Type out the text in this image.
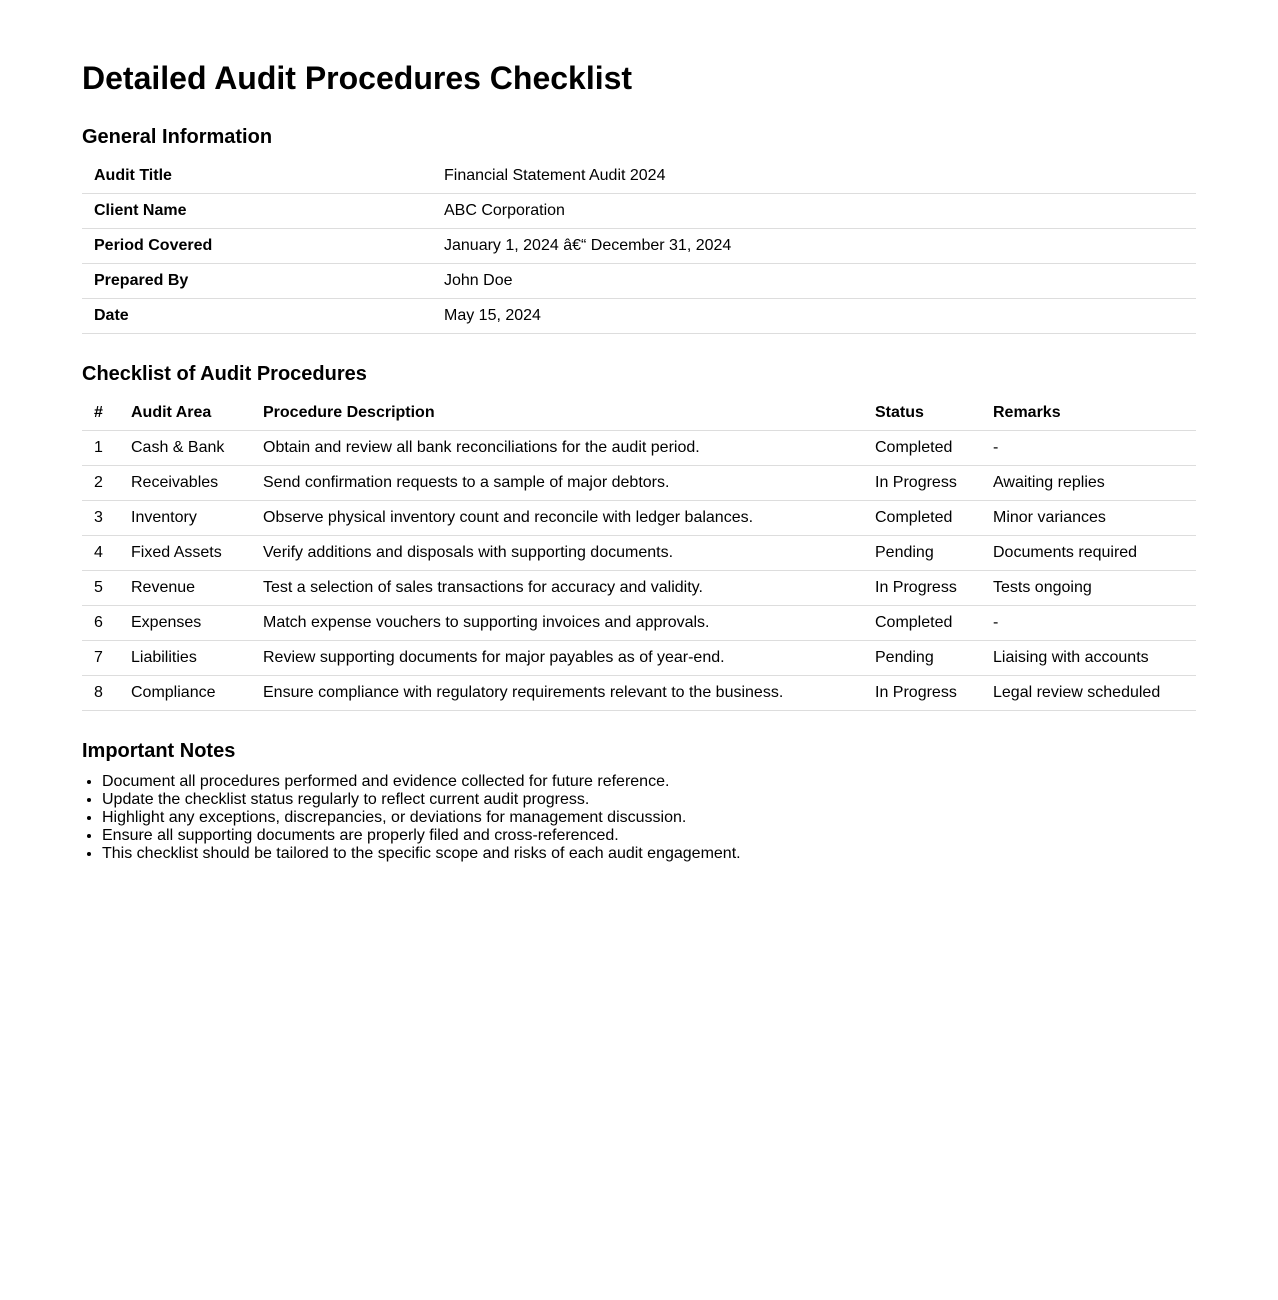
Detailed Audit Procedures Checklist
General Information
Audit Title	Financial Statement Audit 2024
Client Name	ABC Corporation
Period Covered	January 1, 2024 â€“ December 31, 2024
Prepared By	John Doe
Date	May 15, 2024
Checklist of Audit Procedures
#	Audit Area	Procedure Description	Status	Remarks
1	Cash & Bank	Obtain and review all bank reconciliations for the audit period.	Completed	-
2	Receivables	Send confirmation requests to a sample of major debtors.	In Progress	Awaiting replies
3	Inventory	Observe physical inventory count and reconcile with ledger balances.	Completed	Minor variances
4	Fixed Assets	Verify additions and disposals with supporting documents.	Pending	Documents required
5	Revenue	Test a selection of sales transactions for accuracy and validity.	In Progress	Tests ongoing
6	Expenses	Match expense vouchers to supporting invoices and approvals.	Completed	-
7	Liabilities	Review supporting documents for major payables as of year-end.	Pending	Liaising with accounts
8	Compliance	Ensure compliance with regulatory requirements relevant to the business.	In Progress	Legal review scheduled
Important Notes
• Document all procedures performed and evidence collected for future reference.
• Update the checklist status regularly to reflect current audit progress.
• Highlight any exceptions, discrepancies, or deviations for management discussion.
• Ensure all supporting documents are properly filed and cross-referenced.
• This checklist should be tailored to the specific scope and risks of each audit engagement.
